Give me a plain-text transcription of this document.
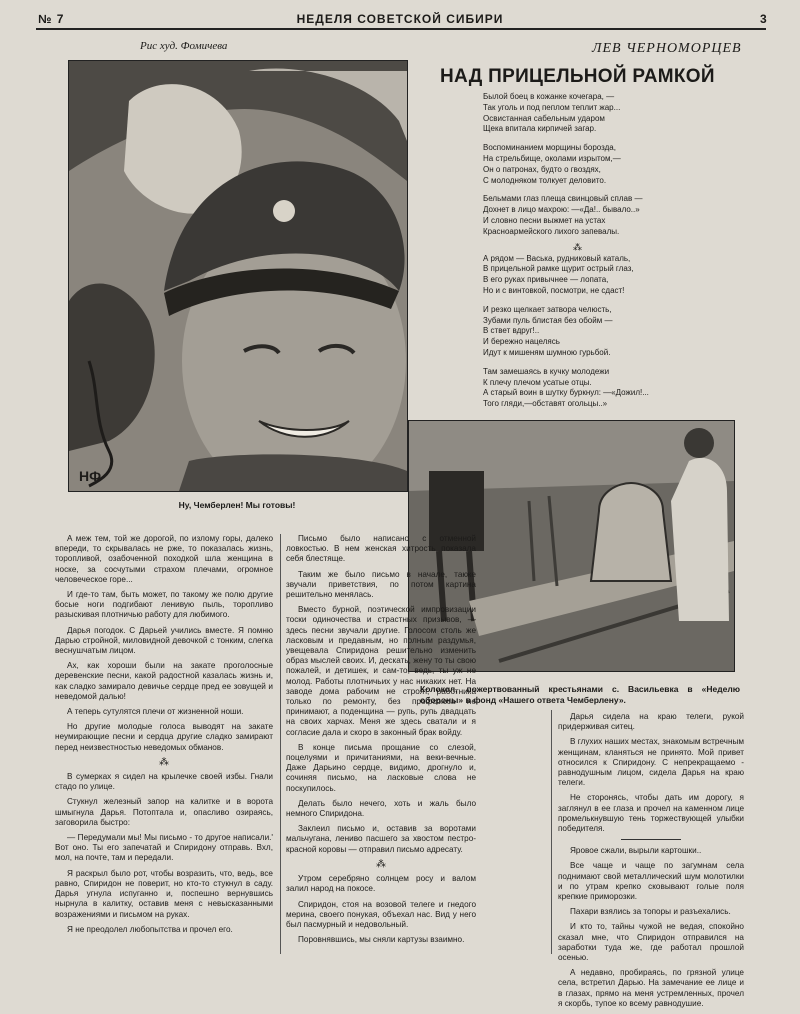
№ 7	НЕДЕЛЯ СОВЕТСКОЙ СИБИРИ	3
Рис худ. Фомичева
НФ
Ну, Чемберлен! Мы готовы!
ЛЕВ ЧЕРНОМОРЦЕВ
НАД ПРИЦЕЛЬНОЙ РАМКОЙ
Былой боец в кожанке кочегара, —
Так уголь и под пеплом теплит жар...
Освистанная сабельным ударом
Щека впитала кирпичей загар.
Воспоминанием морщины борозда,
На стрельбище, околами изрытом,—
Он о патронах, будто о гвоздях,
С молодняком толкует деловито.
Бельмами глаз плеща свинцовый сплав —
Дохнет в лицо махрою: —«Да!.. бывало..»
И словно песни выжмет на устах
Красноармейского лихого запевалы.
⁂
А рядом — Васька, рудниковый каталь,
В прицельной рамке щурит острый глаз,
В его руках привычнее — лопата,
Но и с винтовкой, посмотри, не сдаст!
И резко щелкает затвора челюсть,
Зубами пуль блистая без обойм —
В ствет вдруг!..
И бережно нацелясь
Идут к мишеням шумною гурьбой.
Там замешаясь в кучку молодежи
К плечу плечом усатые отцы.
А старый воин в шутку буркнул: —«Дожил!...
Того гляди,—обставят огольцы..»
Колокол, пожертвованный крестьянами с. Васильевка в «Неделю обороны» в фонд «Нашего ответа Чемберлену».

А меж тем, той же дорогой, по излому горы, далеко впереди, то скрывалась не рже, то показалась жизнь, торопливой, озабоченной походкой шла женщина в носке, за сосчутыми страхом плечами, огромное человеческое горе...

И где-то там, быть может, по такому же полю другие босые ноги подгибают ленивую пыль, торопливо разыскивая плотничью работу для любимого.

Дарья погодок. С Дарьей учились вместе. Я помню Дарью стройной, миловидной девочкой с тонким, слегка веснушчатым лицом.

Ах, как хороши были на закате проголосные деревенские песни, какой радостной казалась жизнь и, как сладко замирало девичье сердце пред ее зовущей и неведомой далью!

А теперь сутулятся плечи от жизненной ноши.

Но другие молодые голоса выводят на закате неумирающие песни и сердца другие сладко замирают перед неизвестностью неведомых обманов.

⁂

В сумерках я сидел на крылечке своей избы. Гнали стадо по улице.

Стукнул железный запор на калитке и в ворота шмыгнула Дарья. Потоптала и, опасливо озираясь, заговорила быстро:

— Передумали мы! Мы письмо - то другое написали.' Вот оно. Ты его запечатай и Спиридону отправь. Вхл, мол, на почте, там и передали.

Я раскрыл было рот, чтобы возразить, что, ведь, все равно, Спиридон не поверит, но кто-то стукнул в саду. Дарья угнула испуганно и, поспешно вернувшись нырнула в калитку, оставив меня с невысказанными возражениями и письмом на руках.

Я не преодолел любопытства и прочел его.

Письмо было написано с отменной ловкостью. В нем женская хитрость показала себя блестяще.

Таким же было письмо в начале, также звучали приветствия, по потом картина решительно менялась.

Вместо бурной, поэтической импровизации тоски одиночества и страстных призывов, — здесь песни звучали другие. Голосом столь же ласковым и предавным, но полным раздумья, увещевала Спиридона решительно изменить образ мыслей своих. И, дескать, жену то ты свою пожалей, и детишек, и сам-то, ведь, ты уж не молод. Работы плотничьих у нас никаких нет. На заводе дома рабочим не строят, работника только по ремонту, без профсоюза не принимают, а поденщина — рупь, рупь двадцать на своих харчах. Меня же здесь сватали и я согласие дала и скоро в законный брак войду.

В конце письма прощание со слезой, поцелуями и причитаниями, на веки-вечные. Даже Дарьино сердце, видимо, дрогнуло и, сочиняя письмо, на ласковые слова не поскупилось.

Делать было нечего, хоть и жаль было немного Спиридона.

Заклеил письмо и, оставив за воротами мальчугана, лениво пасшего за хвостом пестро-красной коровы — отправил письмо адресату.

⁂

Утром серебряно солнцем росу и валом залил народ на покосе.

Спиридон, стоя на возовой телеге и гнедого мерина, своего понукая, объехал нас. Вид у него был пасмурный и недовольный.

Поровнявшись, мы сняли картузы взаимно.

Дарья сидела на краю телеги, рукой придерживая ситец.

В глухих наших местах, знакомым встречным женщинам, кланяться не принято. Мой привет относился к Спиридону. С непрекращаемо - равнодушным лицом, сидела Дарья на краю телеги.

Не сторонясь, чтобы дать им дорогу, я заглянул в ее глаза и прочел на каменном лице промелькнувшую тень торжествующей улыбки победителя.

Яровое сжали, вырыли картошки..

Все чаще и чаще по загумнам села поднимают свой металлический шум молотилки и по утрам крепко сковывают голые поля крепкие приморозки.

Пахари взялись за топоры и разъехались.

И кто то, тайны чужой не ведая, спокойно сказал мне, что Спиридон отправился на заработки туда же, где работал прошлой осенью.

А недавно, пробираясь, по грязной улице села, встретил Дарью. На замечание ее лице и в глазах, прямо на меня устремленных, прочел я скорбь, тупое ко всему равнодушие.
